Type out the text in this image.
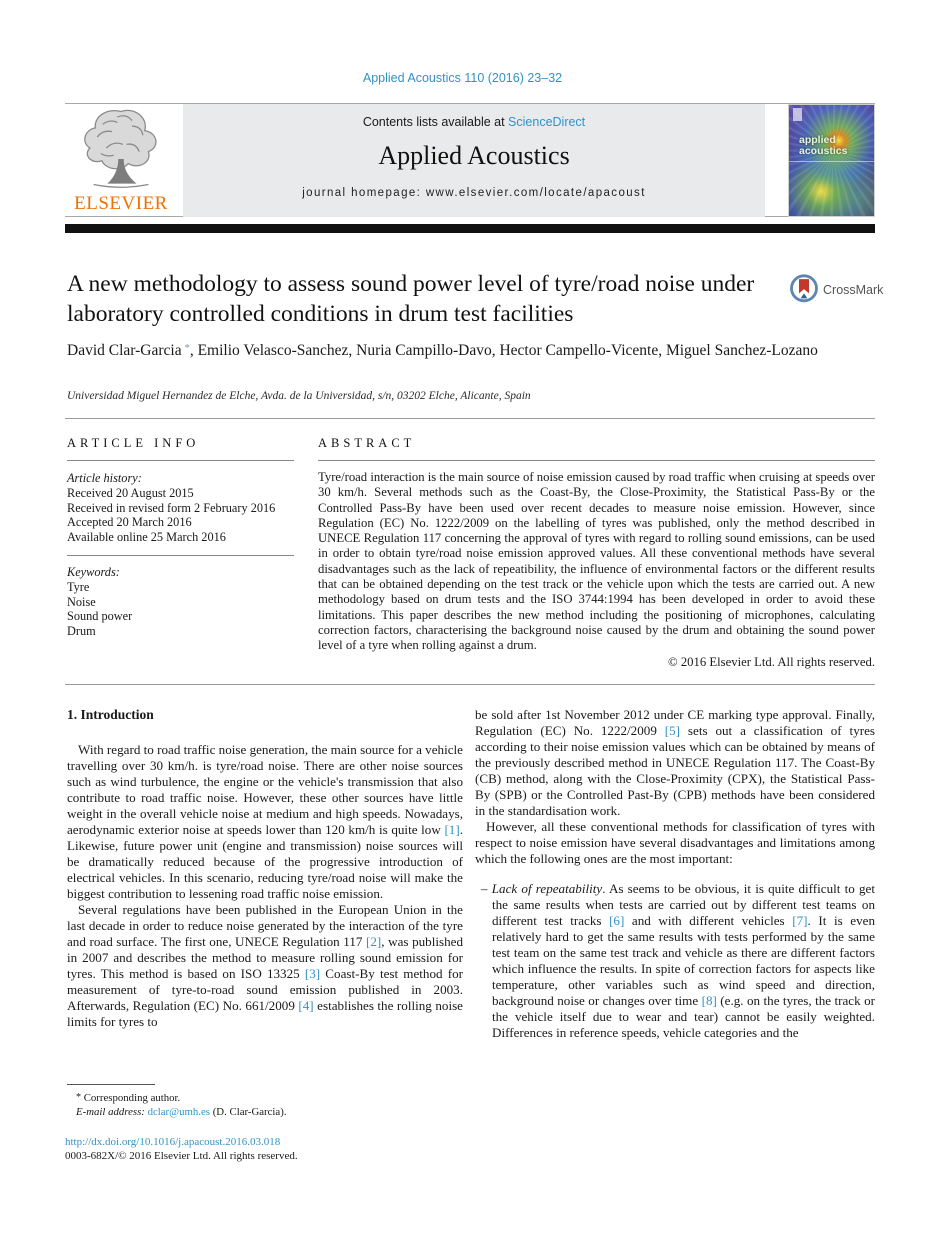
Applied Acoustics 110 (2016) 23–32
ELSEVIER
Contents lists available at ScienceDirect
Applied Acoustics
journal homepage: www.elsevier.com/locate/apacoust
applied
acoustics
A new methodology to assess sound power level of tyre/road noise under laboratory controlled conditions in drum test facilities
CrossMark
David Clar-Garcia *, Emilio Velasco-Sanchez, Nuria Campillo-Davo, Hector Campello-Vicente, Miguel Sanchez-Lozano
Universidad Miguel Hernandez de Elche, Avda. de la Universidad, s/n, 03202 Elche, Alicante, Spain
ARTICLE INFO
Article history:
Received 20 August 2015
Received in revised form 2 February 2016
Accepted 20 March 2016
Available online 25 March 2016
Keywords:
Tyre
Noise
Sound power
Drum
ABSTRACT
Tyre/road interaction is the main source of noise emission caused by road traffic when cruising at speeds over 30 km/h. Several methods such as the Coast-By, the Close-Proximity, the Statistical Pass-By or the Controlled Pass-By have been used over recent decades to measure noise emission. However, since Regulation (EC) No. 1222/2009 on the labelling of tyres was published, only the method described in UNECE Regulation 117 concerning the approval of tyres with regard to rolling sound emissions, can be used in order to obtain tyre/road noise emission approved values. All these conventional methods have several disadvantages such as the lack of repeatibility, the influence of environmental factors or the different results that can be obtained depending on the test track or the vehicle upon which the tests are carried out. A new methodology based on drum tests and the ISO 3744:1994 has been developed in order to avoid these limitations. This paper describes the new method including the positioning of microphones, calculating correction factors, characterising the background noise caused by the drum and obtaining the sound power level of a tyre when rolling against a drum.
© 2016 Elsevier Ltd. All rights reserved.
1. Introduction

With regard to road traffic noise generation, the main source for a vehicle travelling over 30 km/h. is tyre/road noise. There are other noise sources such as wind turbulence, the engine or the vehicle's transmission that also contribute to road traffic noise. However, these other sources have little weight in the overall vehicle noise at medium and high speeds. Nowadays, aerodynamic exterior noise at speeds lower than 120 km/h is quite low [1]. Likewise, future power unit (engine and transmission) noise sources will be dramatically reduced because of the progressive introduction of electrical vehicles. In this scenario, reducing tyre/road noise will make the biggest contribution to lessening road traffic noise emission.

Several regulations have been published in the European Union in the last decade in order to reduce noise generated by the interaction of the tyre and road surface. The first one, UNECE Regulation 117 [2], was published in 2007 and describes the method to measure rolling sound emission for tyres. This method is based on ISO 13325 [3] Coast-By test method for measurement of tyre-to-road sound emission published in 2003. Afterwards, Regulation (EC) No. 661/2009 [4] establishes the rolling noise limits for tyres to

be sold after 1st November 2012 under CE marking type approval. Finally, Regulation (EC) No. 1222/2009 [5] sets out a classification of tyres according to their noise emission values which can be obtained by means of the previously described method in UNECE Regulation 117. The Coast-By (CB) method, along with the Close-Proximity (CPX), the Statistical Pass-By (SPB) or the Controlled Past-By (CPB) methods have been considered in the standardisation work.

However, all these conventional methods for classification of tyres with respect to noise emission have several disadvantages and limitations among which the following ones are the most important:

– Lack of repeatability. As seems to be obvious, it is quite difficult to get the same results when tests are carried out by different test teams on different test tracks [6] and with different vehicles [7]. It is even relatively hard to get the same results with tests performed by the same test team on the same test track and vehicle as there are different factors which influence the results. In spite of correction factors for aspects like temperature, other variables such as wind speed and direction, background noise or changes over time [8] (e.g. on the tyres, the track or the vehicle itself due to wear and tear) cannot be easily weighted. Differences in reference speeds, vehicle categories and the

* Corresponding author.
E-mail address: dclar@umh.es (D. Clar-Garcia).
http://dx.doi.org/10.1016/j.apacoust.2016.03.018
0003-682X/© 2016 Elsevier Ltd. All rights reserved.
